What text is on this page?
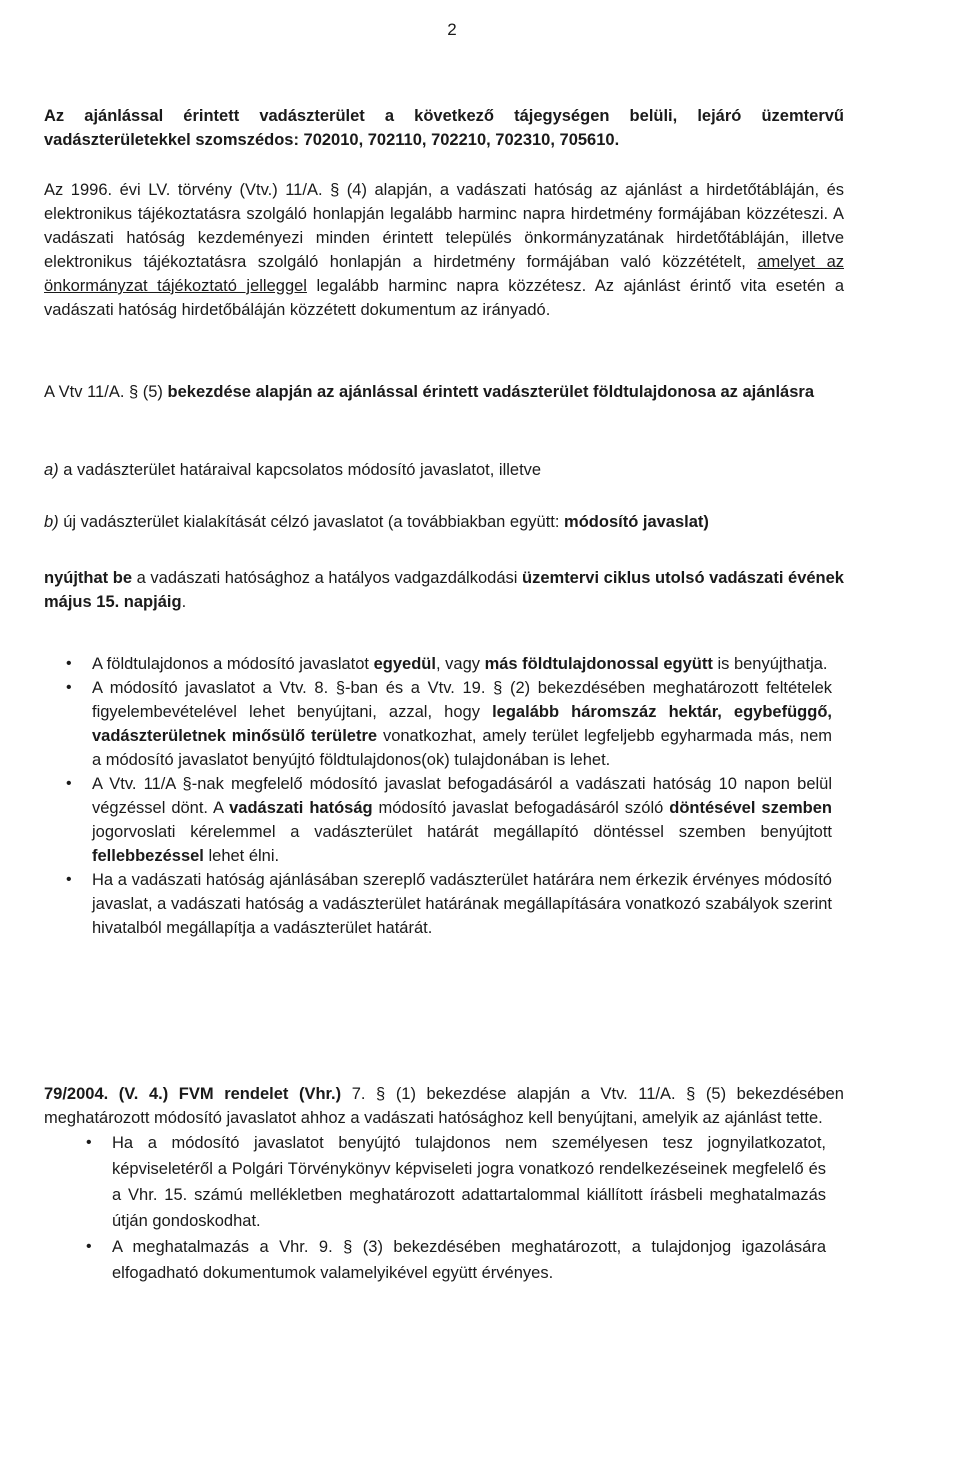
2

Az ajánlással érintett vadászterület a következő tájegységen belüli, lejáró üzemtervű vadászterületekkel szomszédos: 702010, 702110, 702210, 702310, 705610.

Az 1996. évi LV. törvény (Vtv.) 11/A. § (4) alapján, a vadászati hatóság az ajánlást a hirdetőtábláján, és elektronikus tájékoztatásra szolgáló honlapján legalább harminc napra hirdetmény formájában közzéteszi. A vadászati hatóság kezdeményezi minden érintett település önkormányzatának hirdetőtábláján, illetve elektronikus tájékoztatásra szolgáló honlapján a hirdetmény formájában való közzétételt, amelyet az önkormányzat tájékoztató jelleggel legalább harminc napra közzétesz. Az ajánlást érintő vita esetén a vadászati hatóság hirdetőbáláján közzétett dokumentum az irányadó.

A Vtv 11/A. § (5) bekezdése alapján az ajánlással érintett vadászterület földtulajdonosa az ajánlásra

a) a vadászterület határaival kapcsolatos módosító javaslatot, illetve

b) új vadászterület kialakítását célzó javaslatot (a továbbiakban együtt: módosító javaslat)

nyújthat be a vadászati hatósághoz a hatályos vadgazdálkodási üzemtervi ciklus utolsó vadászati évének május 15. napjáig.

• A földtulajdonos a módosító javaslatot egyedül, vagy más földtulajdonossal együtt is benyújthatja.
• A módosító javaslatot a Vtv. 8. §-ban és a Vtv. 19. § (2) bekezdésében meghatározott feltételek figyelembevételével lehet benyújtani, azzal, hogy legalább háromszáz hektár, egybefüggő, vadászterületnek minősülő területre vonatkozhat, amely terület legfeljebb egyharmada más, nem a módosító javaslatot benyújtó földtulajdonos(ok) tulajdonában is lehet.
• A Vtv. 11/A §-nak megfelelő módosító javaslat befogadásáról a vadászati hatóság 10 napon belül végzéssel dönt. A vadászati hatóság módosító javaslat befogadásáról szóló döntésével szemben jogorvoslati kérelemmel a vadászterület határát megállapító döntéssel szemben benyújtott fellebbezéssel lehet élni.
• Ha a vadászati hatóság ajánlásában szereplő vadászterület határára nem érkezik érvényes módosító javaslat, a vadászati hatóság a vadászterület határának megállapítására vonatkozó szabályok szerint hivatalból megállapítja a vadászterület határát.

79/2004. (V. 4.) FVM rendelet (Vhr.) 7. § (1) bekezdése alapján a Vtv. 11/A. § (5) bekezdésében meghatározott módosító javaslatot ahhoz a vadászati hatósághoz kell benyújtani, amelyik az ajánlást tette.

• Ha a módosító javaslatot benyújtó tulajdonos nem személyesen tesz jognyilatkozatot, képviseletéről a Polgári Törvénykönyv képviseleti jogra vonatkozó rendelkezéseinek megfelelő és a Vhr. 15. számú mellékletben meghatározott adattartalommal kiállított írásbeli meghatalmazás útján gondoskodhat.
• A meghatalmazás a Vhr. 9. § (3) bekezdésében meghatározott, a tulajdonjog igazolására elfogadható dokumentumok valamelyikével együtt érvényes.
